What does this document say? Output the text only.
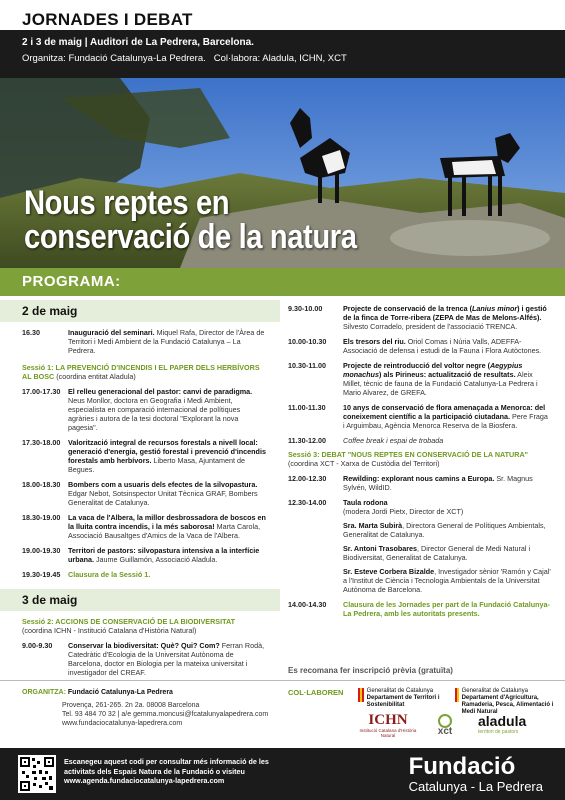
JORNADES I DEBAT
2 i 3 de maig | Auditori de La Pedrera, Barcelona.
Organitza: Fundació Catalunya-La Pedrera. Col·labora: Aladula, ICHN, XCT
Nous reptes en
conservació de la natura
PROGRAMA:
2 de maig
16.30	Inauguració del seminari. Miquel Rafa, Director de l'Àrea de Territori i Medi Ambient de la Fundació Catalunya – La Pedrera.
Sessió 1: LA PREVENCIÓ D'INCENDIS I EL PAPER DELS HERBÍVORS AL BOSC (coordina entitat Aladula)
17.00-17.30	El relleu generacional del pastor: canvi de paradigma. Neus Monllor, doctora en Geografia i Medi Ambient, especialista en comparació internacional de polítiques agràries i autora de la tesi doctoral "Explorant la nova pagesia".
17.30-18.00	Valorització integral de recursos forestals a nivell local: generació d'energia, gestió forestal i prevenció d'incendis forestals amb herbívors. Liberto Masa, Ajuntament de Begues.
18.00-18.30	Bombers com a usuaris dels efectes de la silvopastura. Edgar Nebot, Sotsinspector Unitat Tècnica GRAF, Bombers Generalitat de Catalunya.
18.30-19.00	La vaca de l'Albera, la millor desbrossadora de boscos en la lluita contra incendis, i la més saborosa! Marta Carola, Associació Bausaltges d'Amics de la Vaca de l'Albera.
19.00-19.30	Territori de pastors: silvopastura intensiva a la interfície urbana. Jaume Guillamón, Associació Aladula.
19.30-19.45	Clausura de la Sessió 1.
3 de maig
Sessió 2: ACCIONS DE CONSERVACIÓ DE LA BIODIVERSITAT
(coordina ICHN - Institució Catalana d'Història Natural)
9.00-9.30	Conservar la biodiversitat: Què? Qui? Com? Ferran Rodà, Catedràtic d'Ecologia de la Universitat Autònoma de Barcelona, doctor en Biologia per la mateixa universitat i investigador del CREAF.
9.30-10.00	Projecte de conservació de la trenca (Lanius minor) i gestió de la finca de Torre-ribera (ZEPA de Mas de Melons-Alfés). Silvesto Corradelo, president de l'associació TRENCA.
10.00-10.30	Els tresors del riu. Oriol Comas i Núria Valls, ADEFFA-Associació de defensa i estudi de la Fauna i Flora Autòctones.
10.30-11.00	Projecte de reintroducció del voltor negre (Aegypius monachus) als Pirineus: actualització de resultats. Aleix Millet, tècnic de fauna de la Fundació Catalunya-La Pedrera i Mario Alvarez, de GREFA.
11.00-11.30	10 anys de conservació de flora amenaçada a Menorca: del coneixement científic a la participació ciutadana. Pere Fraga i Arguimbau, Agència Menorca Reserva de la Biosfera.
11.30-12.00	Coffee break i espai de trobada
Sessió 3: DEBAT "NOUS REPTES EN CONSERVACIÓ DE LA NATURA"
(coordina XCT - Xarxa de Custòdia del Territori)
12.00-12.30	Rewilding: explorant nous camins a Europa. Sr. Magnus Sylvén, WildID.
12.30-14.00	Taula rodona
(modera Jordi Pietx, Director de XCT)
Sra. Marta Subirà, Directora General de Polítiques Ambientals, Generalitat de Catalunya.
Sr. Antoni Trasobares, Director General de Medi Natural i Biodiversitat, Generalitat de Catalunya.
Sr. Esteve Corbera Bizalde, Investigador sènior 'Ramón y Cajal' a l'Institut de Ciència i Tecnologia Ambientals de la Universitat Autònoma de Barcelona.
14.00-14.30	Clausura de les Jornades per part de la Fundació Catalunya-La Pedrera, amb les autoritats presents.
Es recomana fer inscripció prèvia (gratuïta)
ORGANITZA: Fundació Catalunya-La Pedrera
Provença, 261-265. 2n 2a. 08008 Barcelona
Tel. 93 484 70 32 | a/e gemma.moncusi@fcatalunyalapedrera.com
www.fundaciocatalunya-lapedrera.com
COL·LABOREN	Generalitat de Catalunya
Departament de Territori i Sostenibilitat
Generalitat de Catalunya
Departament d'Agricultura, Ramaderia, Pesca, Alimentació i Medi Natural
ICHN
Institució Catalana d'Història Natural	xct
aladula
territori de pastors
Escanegeu aquest codi per consultar més informació de les
activitats dels Espais Natura de la Fundació o visiteu
www.agenda.fundaciocatalunya-lapedrera.com
Fundació
Catalunya - La Pedrera
